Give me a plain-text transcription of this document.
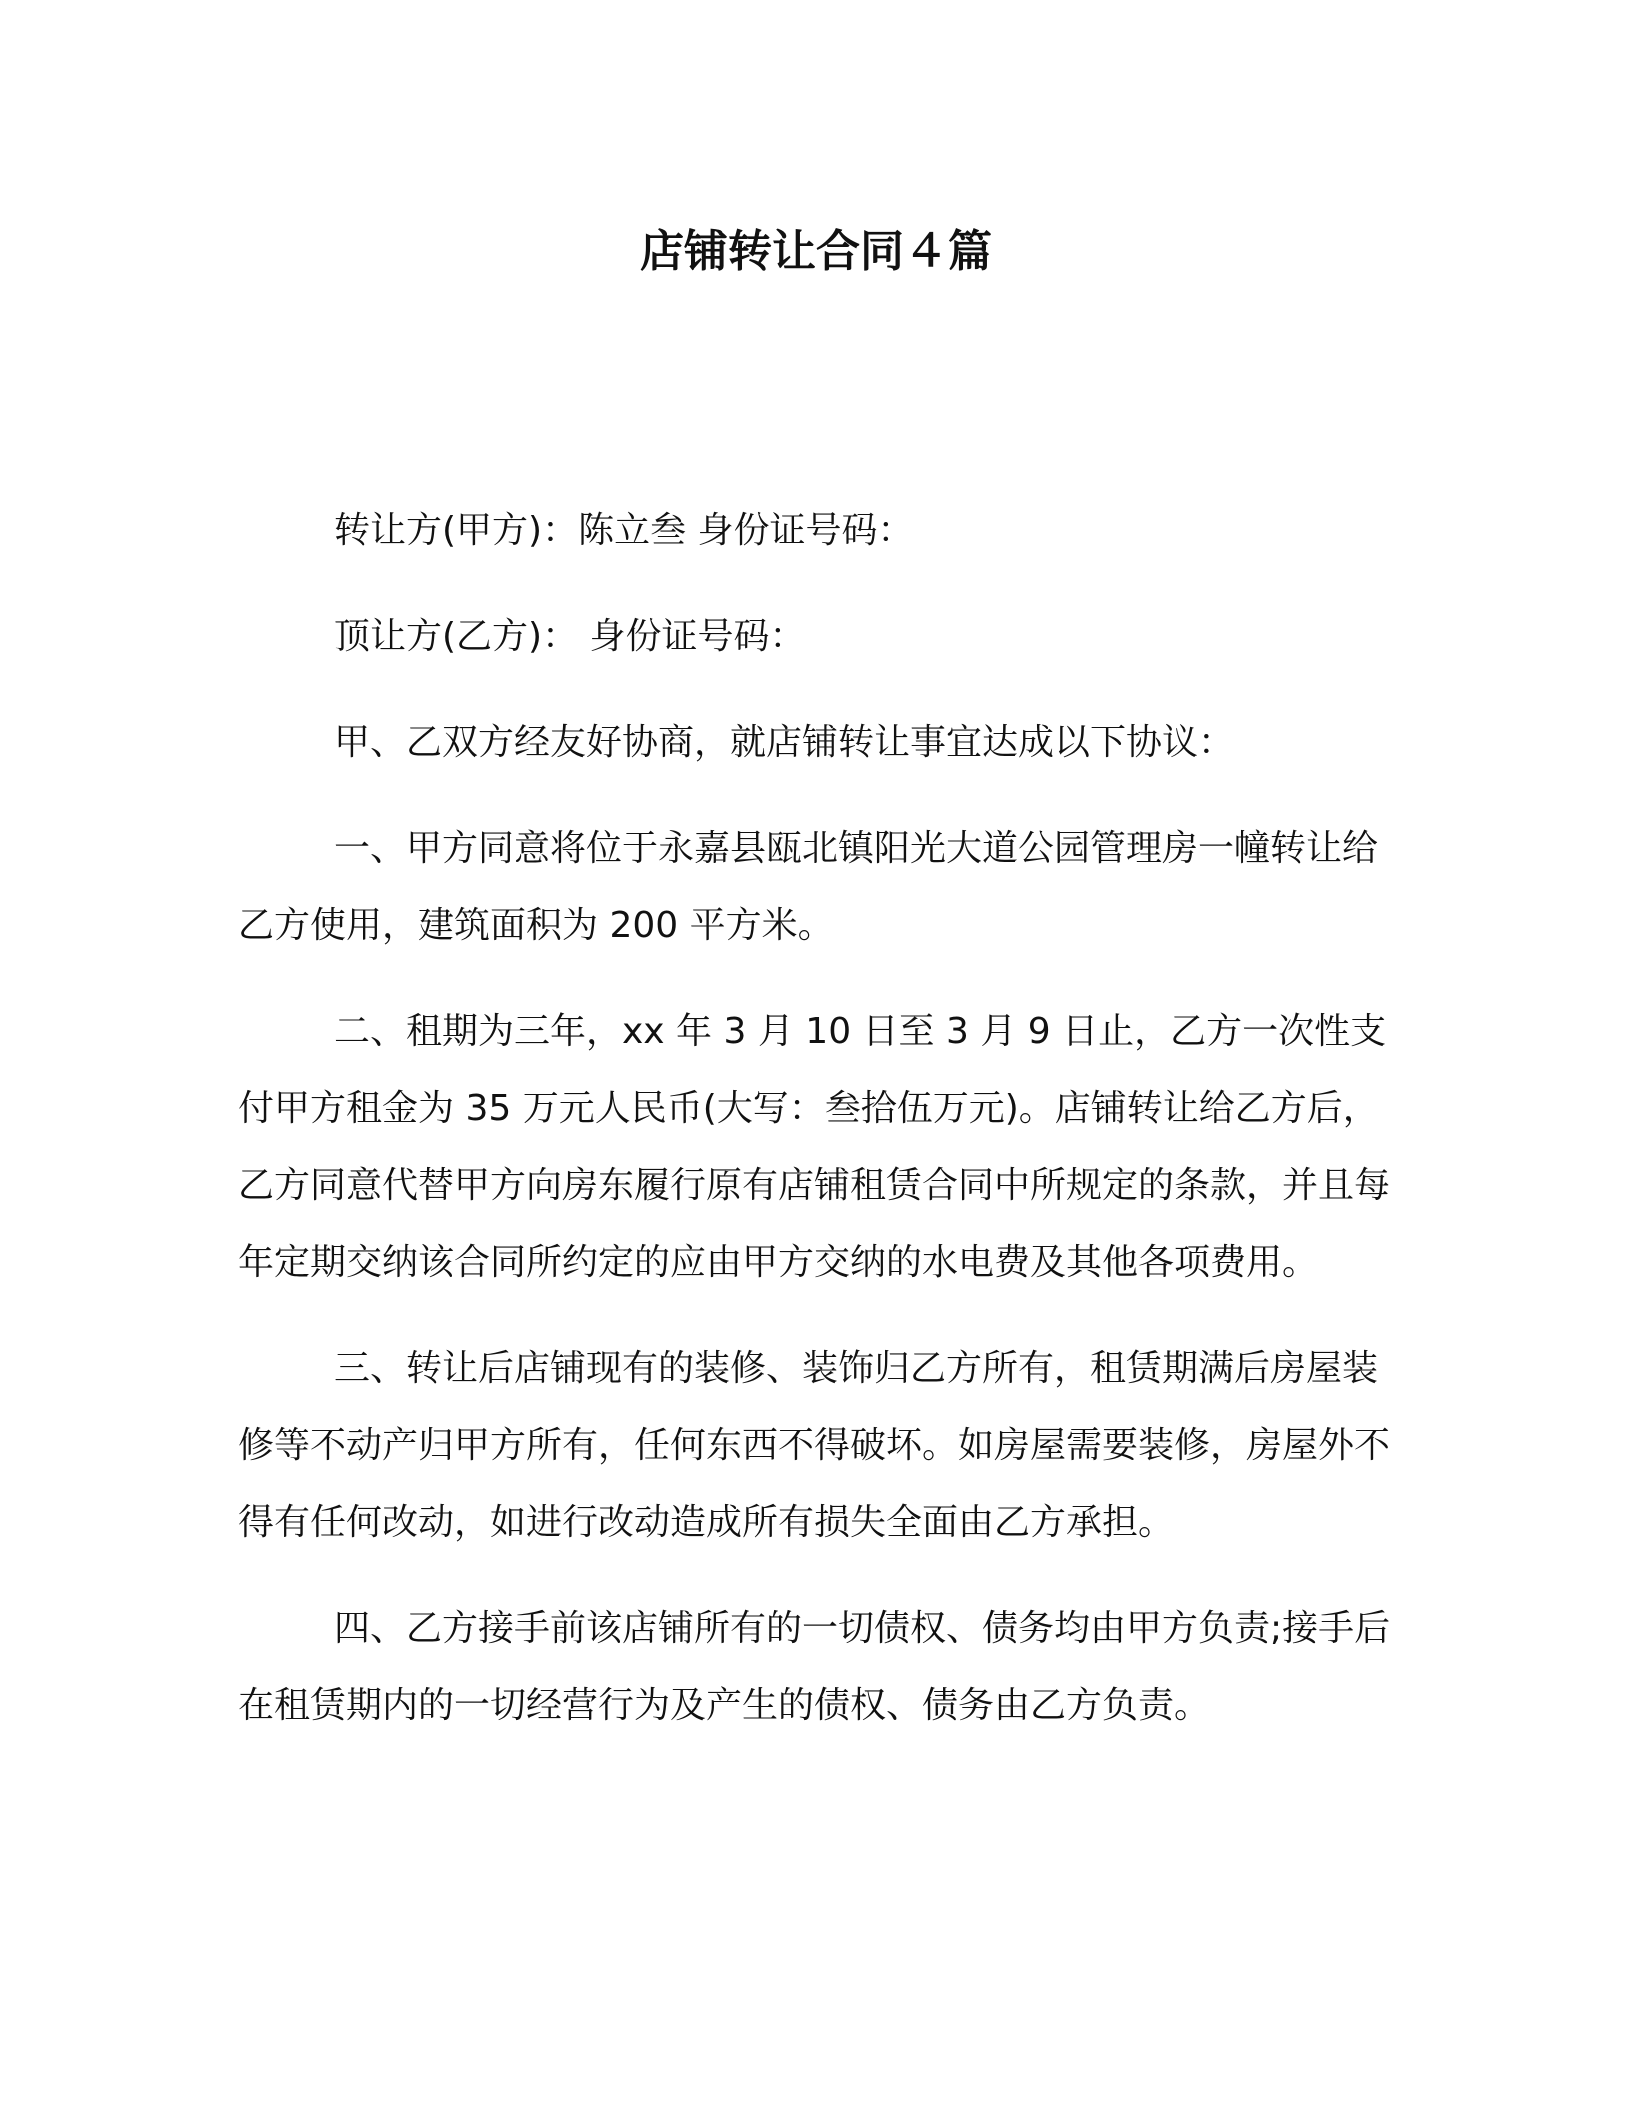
店铺转让合同４篇

转让方(甲方)：陈立叁 身份证号码：

顶让方(乙方)： 身份证号码：

甲、乙双方经友好协商，就店铺转让事宜达成以下协议：

一、甲方同意将位于永嘉县瓯北镇阳光大道公园管理房一幢转让给乙方使用，建筑面积为 200 平方米。

二、租期为三年，xx 年 3 月 10 日至 3 月 9 日止，乙方一次性支付甲方租金为 35 万元人民币(大写：叁拾伍万元)。店铺转让给乙方后，乙方同意代替甲方向房东履行原有店铺租赁合同中所规定的条款，并且每年定期交纳该合同所约定的应由甲方交纳的水电费及其他各项费用。

三、转让后店铺现有的装修、装饰归乙方所有，租赁期满后房屋装修等不动产归甲方所有，任何东西不得破坏。如房屋需要装修，房屋外不得有任何改动，如进行改动造成所有损失全面由乙方承担。

四、乙方接手前该店铺所有的一切债权、债务均由甲方负责;接手后在租赁期内的一切经营行为及产生的债权、债务由乙方负责。
